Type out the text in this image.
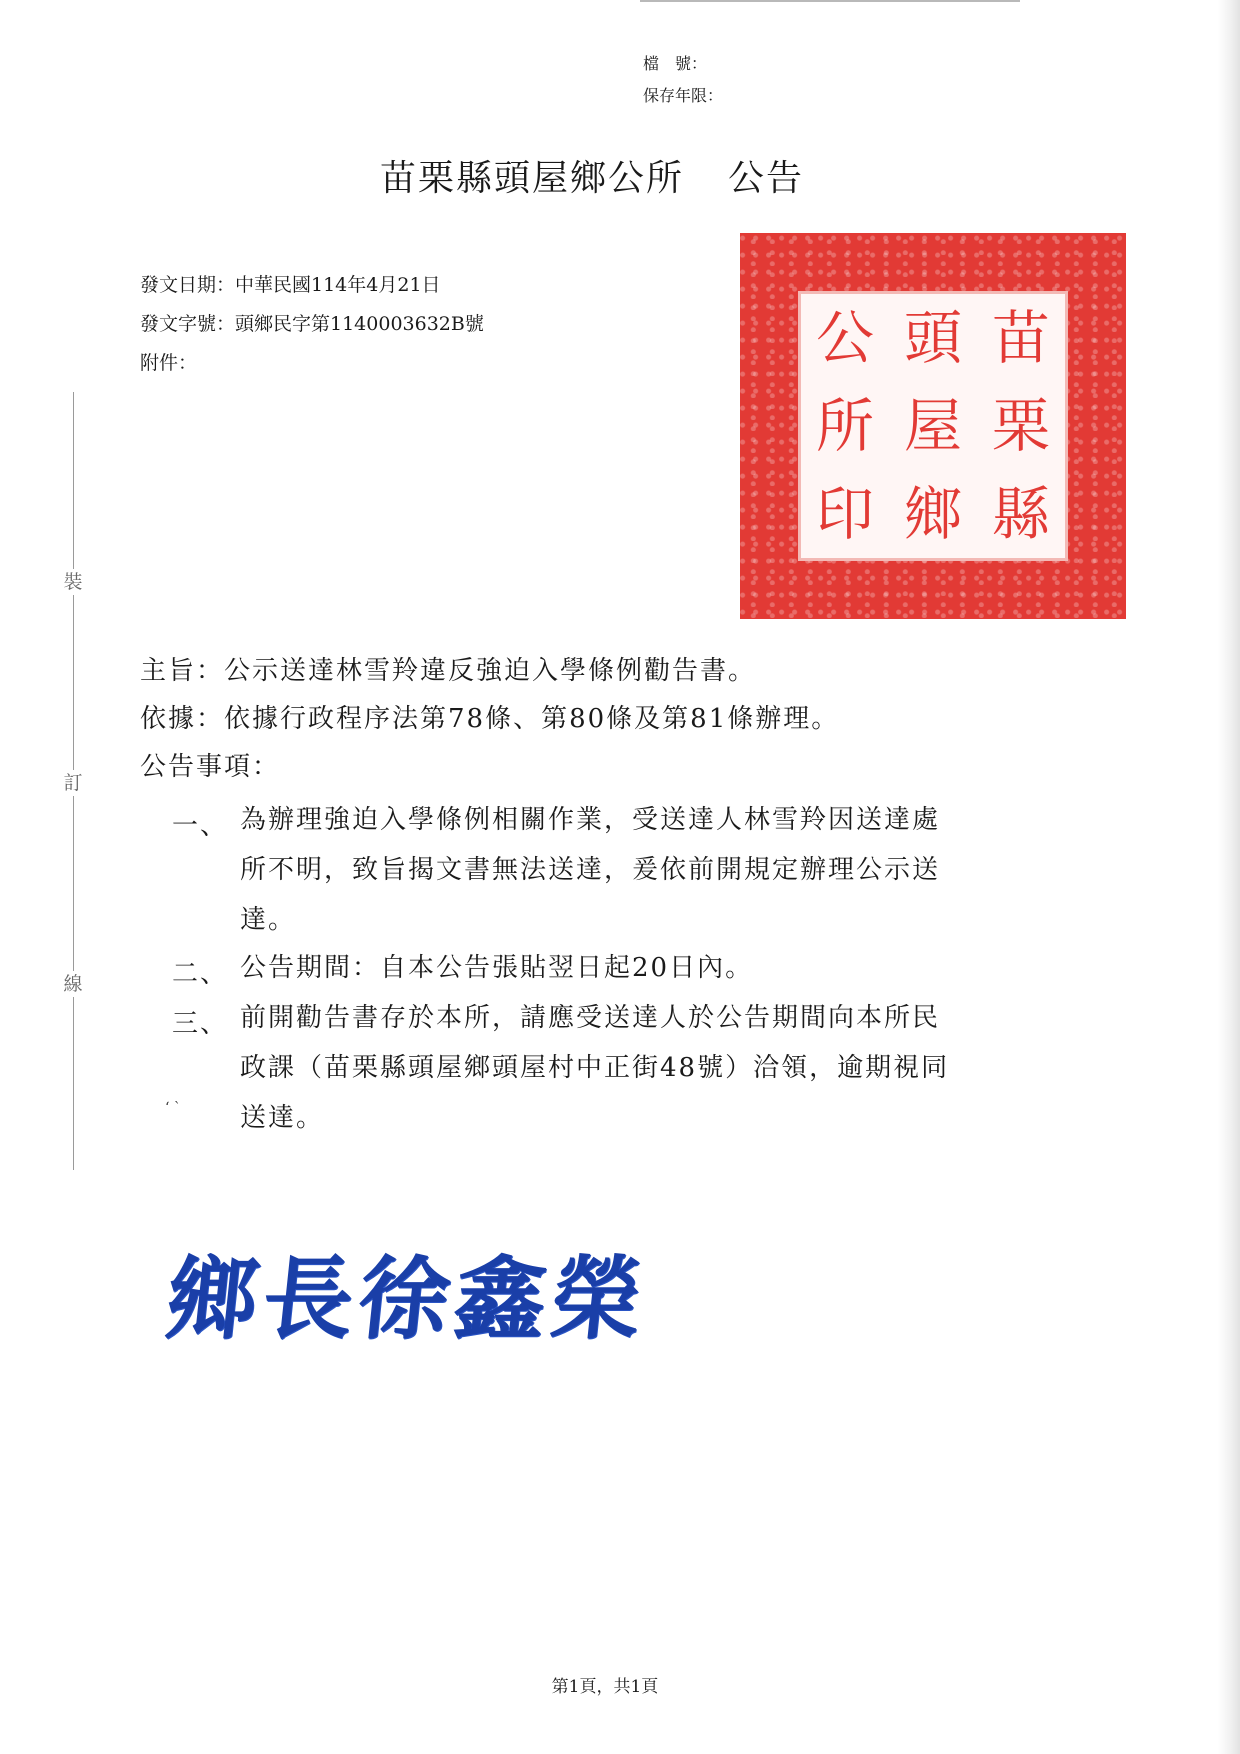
檔　號：
保存年限：
苗栗縣頭屋鄉公所 公告
發文日期：中華民國114年4月21日
發文字號：頭鄉民字第1140003632B號
附件：	苗
栗
縣
頭
屋
鄉
公
所
印
裝
訂
線
主旨：公示送達林雪羚違反強迫入學條例勸告書。
依據：依據行政程序法第78條、第80條及第81條辦理。
公告事項：
一、 為辦理強迫入學條例相關作業，受送達人林雪羚因送達處
所不明，致旨揭文書無法送達，爰依前開規定辦理公示送
達。
二、 公告期間：自本公告張貼翌日起20日內。
三、 前開勸告書存於本所，請應受送達人於公告期間向本所民
政課（苗栗縣頭屋鄉頭屋村中正街48號）洽領，逾期視同
送達。
‘ ˋ
鄉長徐鑫榮
第1頁，共1頁
